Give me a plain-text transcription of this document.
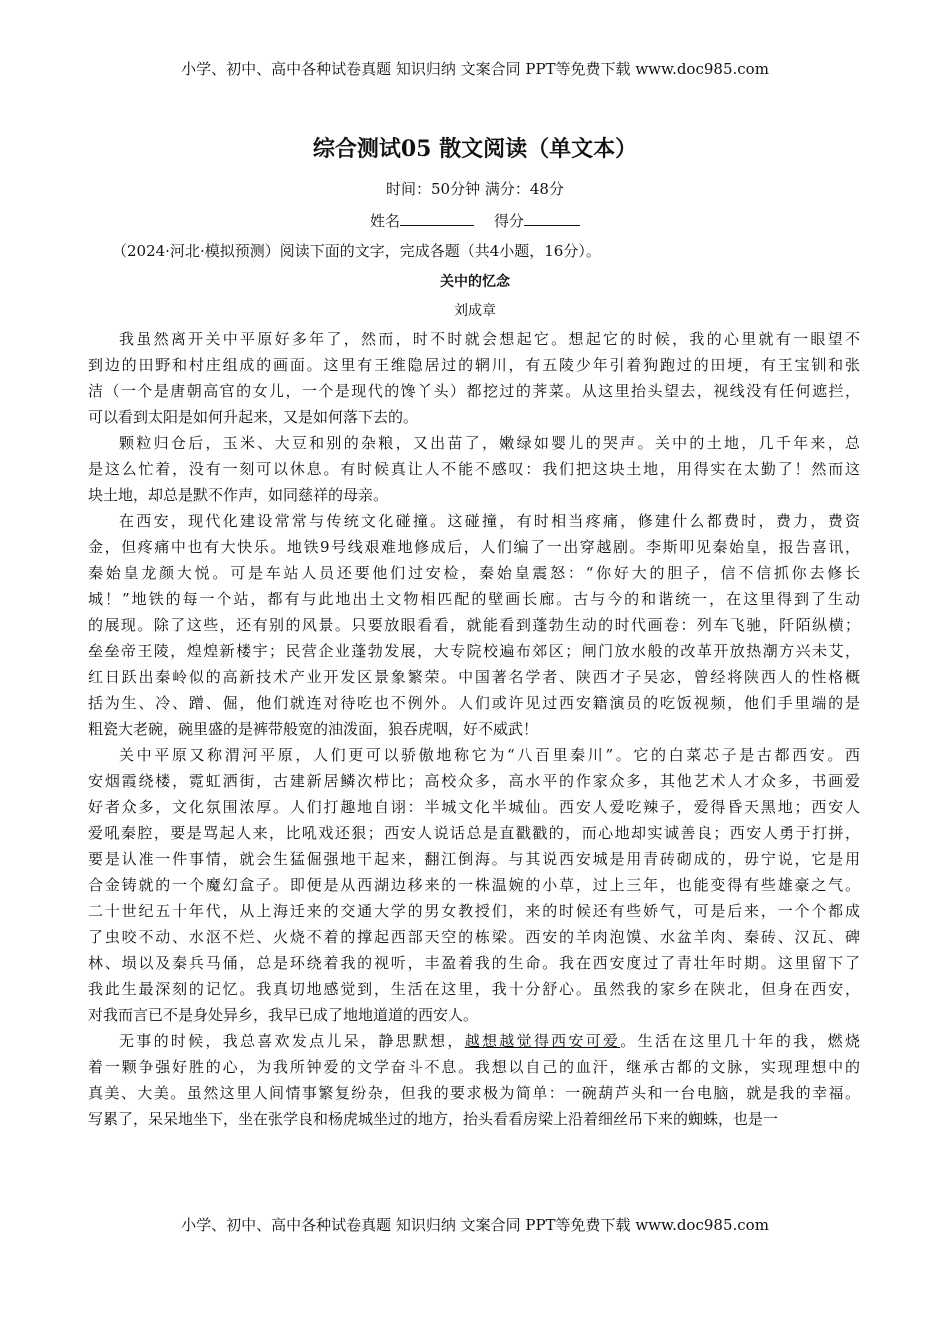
小学、初中、高中各种试卷真题 知识归纳 文案合同 PPT等免费下载 www.doc985.com
综合测试05 散文阅读（单文本）
时间：50分钟 满分：48分
姓名	得分
（2024·河北·模拟预测）阅读下面的文字，完成各题（共4小题，16分）。
关中的忆念
刘成章
我虽然离开关中平原好多年了，然而，时不时就会想起它。想起它的时候，我的心里就有一眼望不
到边的田野和村庄组成的画面。这里有王维隐居过的辋川，有五陵少年引着狗跑过的田埂，有王宝钏和张
洁（一个是唐朝高官的女儿，一个是现代的馋丫头）都挖过的荠菜。从这里抬头望去，视线没有任何遮拦，
可以看到太阳是如何升起来，又是如何落下去的。
颗粒归仓后，玉米、大豆和别的杂粮，又出苗了，嫩绿如婴儿的哭声。关中的土地，几千年来，总
是这么忙着，没有一刻可以休息。有时候真让人不能不感叹：我们把这块土地，用得实在太勤了！然而这
块土地，却总是默不作声，如同慈祥的母亲。
在西安，现代化建设常常与传统文化碰撞。这碰撞，有时相当疼痛，修建什么都费时，费力，费资
金，但疼痛中也有大快乐。地铁9号线艰难地修成后，人们编了一出穿越剧。李斯叩见秦始皇，报告喜讯，
秦始皇龙颜大悦。可是车站人员还要他们过安检，秦始皇震怒：“你好大的胆子，信不信抓你去修长
城！”地铁的每一个站，都有与此地出土文物相匹配的壁画长廊。古与今的和谐统一，在这里得到了生动
的展现。除了这些，还有别的风景。只要放眼看看，就能看到蓬勃生动的时代画卷：列车飞驰，阡陌纵横；
垒垒帝王陵，煌煌新楼宇；民营企业蓬勃发展，大专院校遍布郊区；闸门放水般的改革开放热潮方兴未艾，
红日跃出秦岭似的高新技术产业开发区景象繁荣。中国著名学者、陕西才子吴宓，曾经将陕西人的性格概
括为生、冷、蹭、倔，他们就连对待吃也不例外。人们或许见过西安籍演员的吃饭视频，他们手里端的是
粗瓷大老碗，碗里盛的是裤带般宽的油泼面，狼吞虎咽，好不威武！
关中平原又称渭河平原，人们更可以骄傲地称它为“八百里秦川”。它的白菜芯子是古都西安。西
安烟霞绕楼，霓虹洒街，古建新居鳞次栉比；高校众多，高水平的作家众多，其他艺术人才众多，书画爱
好者众多，文化氛围浓厚。人们打趣地自诩：半城文化半城仙。西安人爱吃辣子，爱得昏天黑地；西安人
爱吼秦腔，要是骂起人来，比吼戏还狠；西安人说话总是直戳戳的，而心地却实诚善良；西安人勇于打拼，
要是认准一件事情，就会生猛倔强地干起来，翻江倒海。与其说西安城是用青砖砌成的，毋宁说，它是用
合金铸就的一个魔幻盒子。即便是从西湖边移来的一株温婉的小草，过上三年，也能变得有些雄豪之气。
二十世纪五十年代，从上海迁来的交通大学的男女教授们，来的时候还有些娇气，可是后来，一个个都成
了虫咬不动、水沤不烂、火烧不着的撑起西部天空的栋梁。西安的羊肉泡馍、水盆羊肉、秦砖、汉瓦、碑
林、埙以及秦兵马俑，总是环绕着我的视听，丰盈着我的生命。我在西安度过了青壮年时期。这里留下了
我此生最深刻的记忆。我真切地感觉到，生活在这里，我十分舒心。虽然我的家乡在陕北，但身在西安，
对我而言已不是身处异乡，我早已成了地地道道的西安人。
无事的时候，我总喜欢发点儿呆，静思默想，越想越觉得西安可爱。生活在这里几十年的我，燃烧
着一颗争强好胜的心，为我所钟爱的文学奋斗不息。我想以自己的血汗，继承古都的文脉，实现理想中的
真美、大美。虽然这里人间情事繁复纷杂，但我的要求极为简单：一碗葫芦头和一台电脑，就是我的幸福。
写累了，呆呆地坐下，坐在张学良和杨虎城坐过的地方，抬头看看房梁上沿着细丝吊下来的蜘蛛，也是一
小学、初中、高中各种试卷真题 知识归纳 文案合同 PPT等免费下载 www.doc985.com
